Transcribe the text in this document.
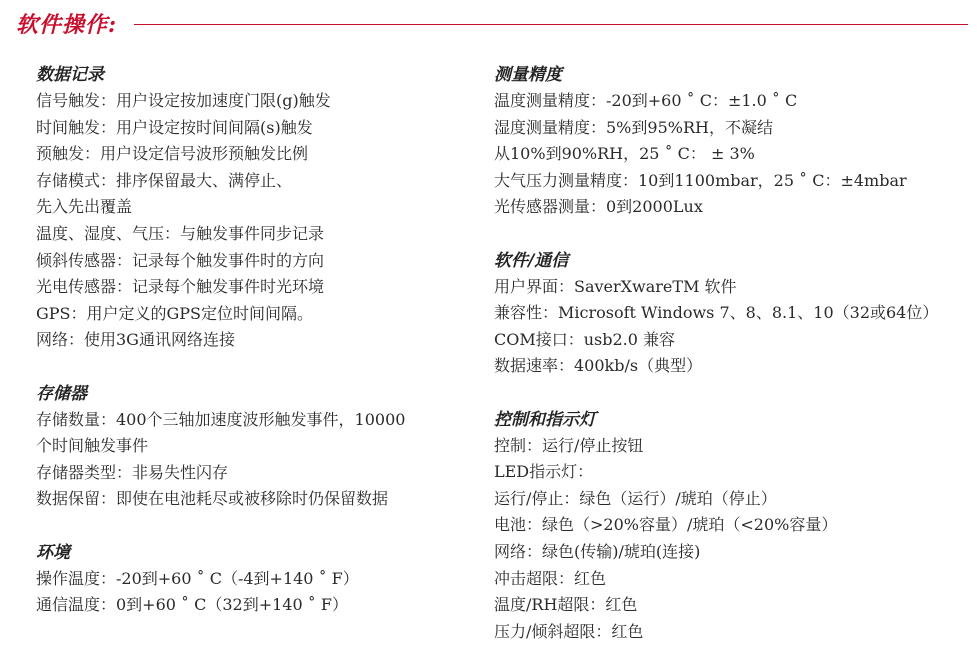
软件操作:
数据记录
信号触发：用户设定按加速度门限(g)触发
时间触发：用户设定按时间间隔(s)触发
预触发：用户设定信号波形预触发比例
存储模式：排序保留最大、满停止、
先入先出覆盖
温度、湿度、气压：与触发事件同步记录
倾斜传感器：记录每个触发事件时的方向
光电传感器：记录每个触发事件时光环境
GPS：用户定义的GPS定位时间间隔。
网络：使用3G通讯网络连接
存储器
存储数量：400个三轴加速度波形触发事件，10000
个时间触发事件
存储器类型：非易失性闪存
数据保留：即使在电池耗尽或被移除时仍保留数据
环境
操作温度：-20到+60 ˚ C（-4到+140 ˚ F）
通信温度：0到+60 ˚ C（32到+140 ˚ F）
测量精度
温度测量精度：-20到+60 ˚ C：±1.0 ˚ C
湿度测量精度：5%到95%RH，不凝结
从10%到90%RH，25 ˚ C： ± 3%
大气压力测量精度：10到1100mbar，25 ˚ C：±4mbar
光传感器测量：0到2000Lux
软件/通信
用户界面：SaverXwareTM 软件
兼容性：Microsoft Windows 7、8、8.1、10（32或64位）
COM接口：usb2.0 兼容
数据速率：400kb/s（典型）
控制和指示灯
控制：运行/停止按钮
LED指示灯：
运行/停止：绿色（运行）/琥珀（停止）
电池：绿色（>20%容量）/琥珀（<20%容量）
网络：绿色(传输)/琥珀(连接)
冲击超限：红色
温度/RH超限：红色
压力/倾斜超限：红色
